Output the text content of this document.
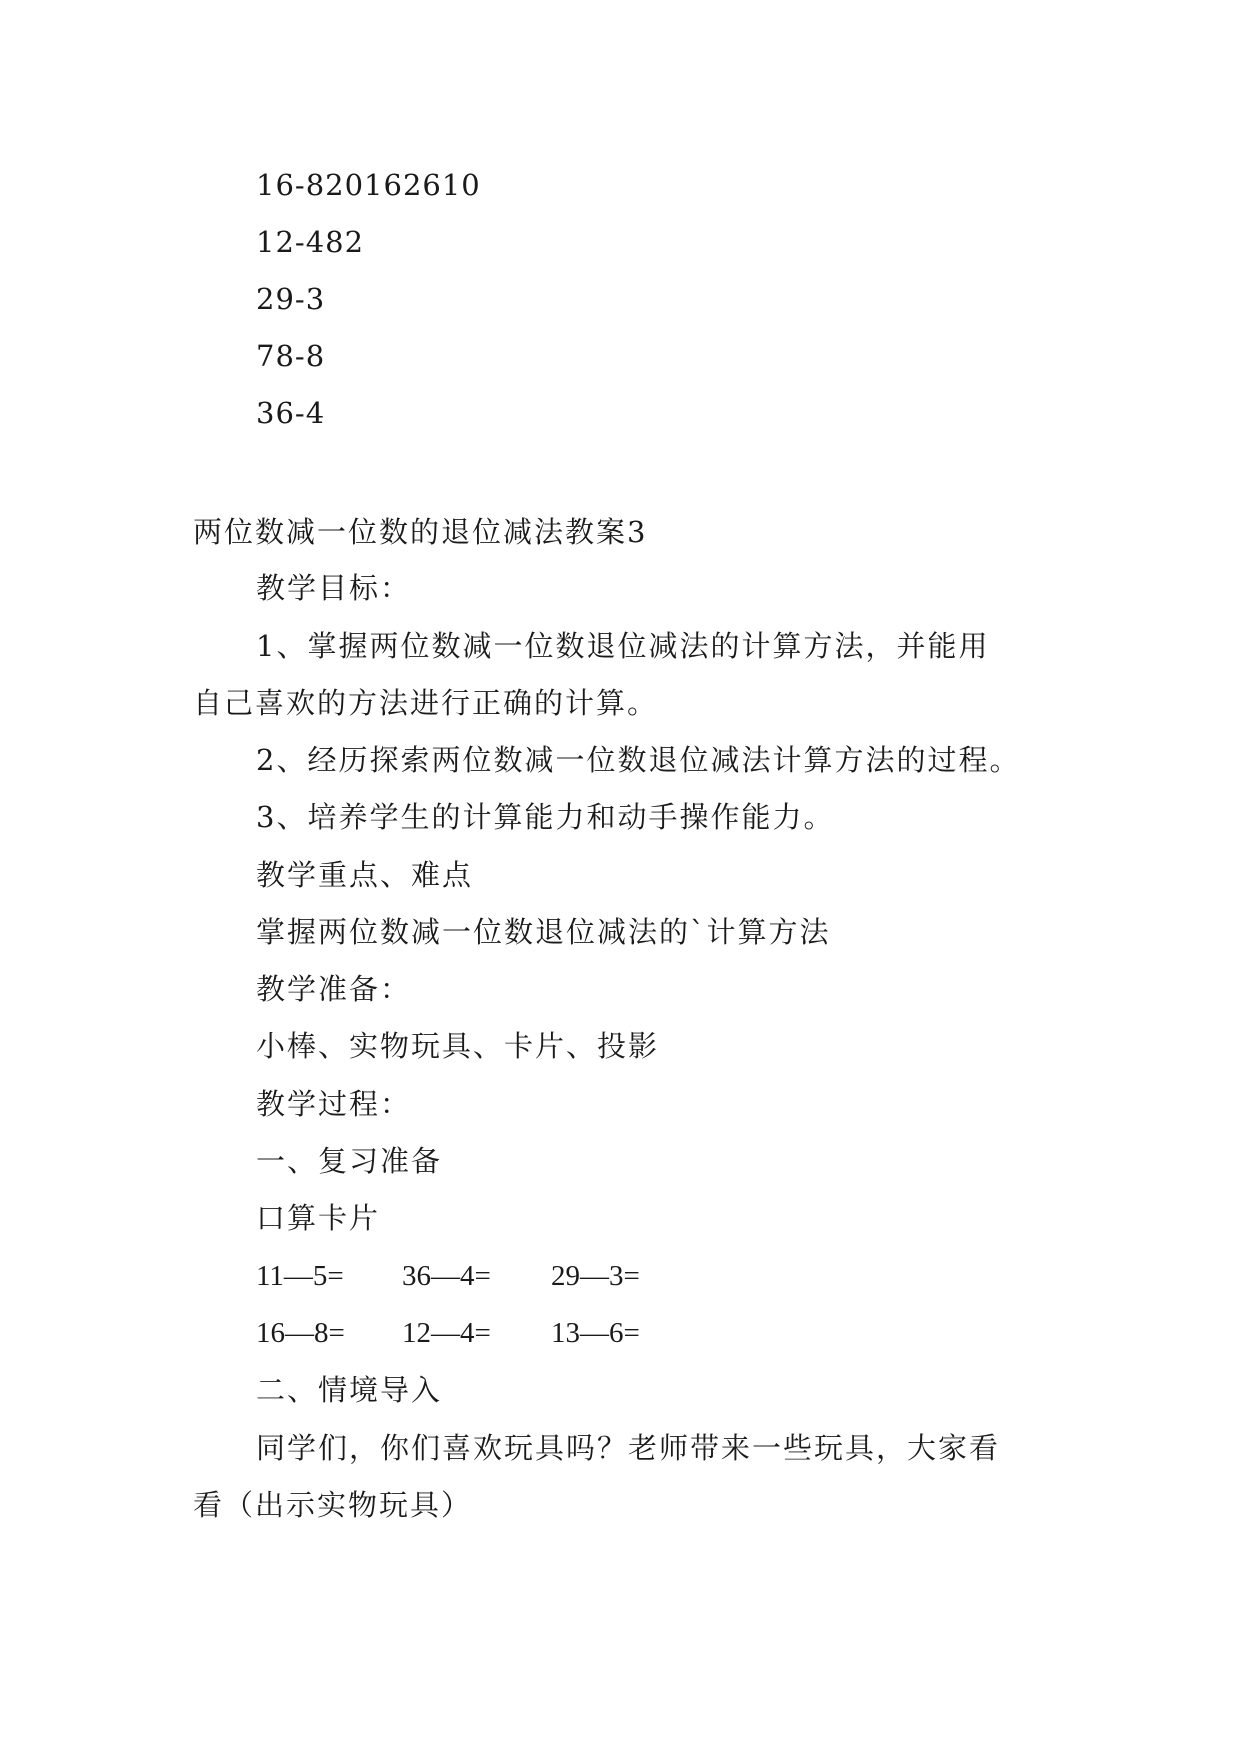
16-820162610
12-482
29-3
78-8
36-4
两位数减一位数的退位减法教案3
教学目标：
1、掌握两位数减一位数退位减法的计算方法，并能用
自己喜欢的方法进行正确的计算。
2、经历探索两位数减一位数退位减法计算方法的过程。
3、培养学生的计算能力和动手操作能力。
教学重点、难点
掌握两位数减一位数退位减法的`计算方法
教学准备：
小棒、实物玩具、卡片、投影
教学过程：
一、复习准备
口算卡片
11—5= 36—4= 29—3=
16—8= 12—4= 13—6=
二、情境导入
同学们，你们喜欢玩具吗？老师带来一些玩具，大家看
看（出示实物玩具）
